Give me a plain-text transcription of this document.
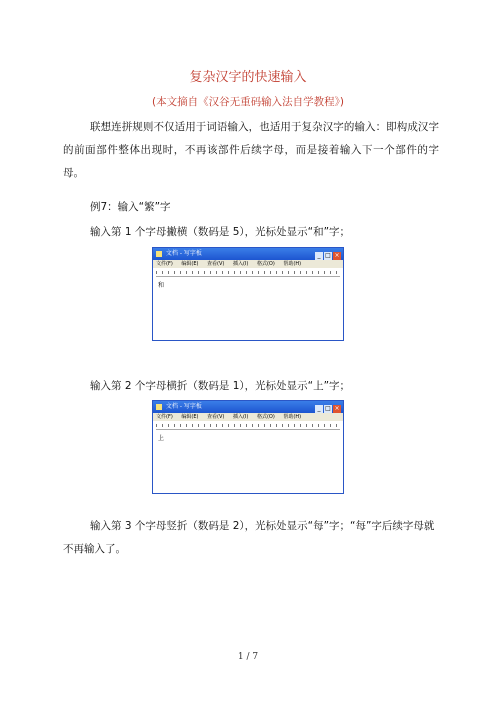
复杂汉字的快速输入
(本文摘自《汉谷无重码输入法自学教程》)
联想连拼规则不仅适用于词语输入，也适用于复杂汉字的输入：即构成汉字的前面部件整体出现时，不再该部件后续字母，而是接着输入下一个部件的字母。
例7：输入“繁”字
输入第 1 个字母撇横（数码是 5），光标处显示“和”字；
文档 - 写字板	_ □ ×
文件(F) 编辑(E) 查看(V) 插入(I) 格式(O) 帮助(H)
和
输入第 2 个字母横折（数码是 1），光标处显示“上”字；
文档 - 写字板	_ □ ×
文件(F) 编辑(E) 查看(V) 插入(I) 格式(O) 帮助(H)
上
输入第 3 个字母竖折（数码是 2），光标处显示“每”字；“每”字后续字母就不再输入了。
1 / 7
